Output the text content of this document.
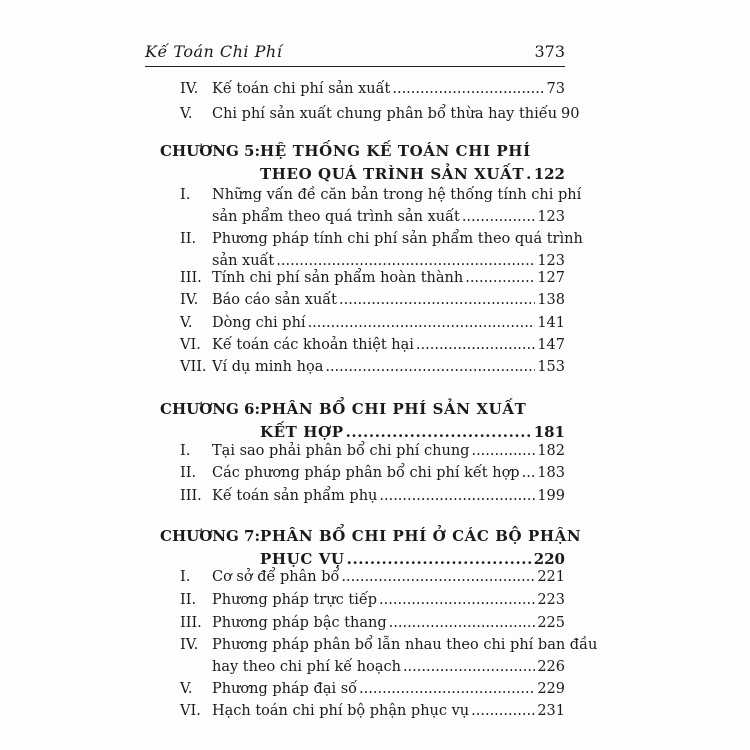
Kế Toán Chi Phí	373
IV. Kế toán chi phí sản xuất .....	73
V. Chi phí sản xuất chung phân bổ thừa hay thiếu 90
CHƯƠNG 5: HỆ THỐNG KẾ TOÁN CHI PHÍ
THEO QUÁ TRÌNH SẢN XUẤT ..... 122
I. Những vấn đề căn bản trong hệ thống tính chi phí
sản phẩm theo quá trình sản xuất .....	123
II. Phương pháp tính chi phí sản phẩm theo quá trình
sản xuất .....	123
III. Tính chi phí sản phẩm hoàn thành .....	127
IV. Báo cáo sản xuất .....	138
V. Dòng chi phí .....	141
VI. Kế toán các khoản thiệt hại .....	147
VII. Ví dụ minh họa .....	153
CHƯƠNG 6: PHÂN BỔ CHI PHÍ SẢN XUẤT
KẾT HỢP .....	181
I. Tại sao phải phân bổ chi phí chung .....	182
II. Các phương pháp phân bổ chi phí kết hợp ..... 183
III. Kế toán sản phẩm phụ .....	199
CHƯƠNG 7: PHÂN BỔ CHI PHÍ Ở CÁC BỘ PHẬN
PHỤC VỤ .....	220
I. Cơ sở để phân bổ .....	221
II. Phương pháp trực tiếp .....	223
III. Phương pháp bậc thang .....	225
IV. Phương pháp phân bổ lẫn nhau theo chi phí ban đầu
hay theo chi phí kế hoạch .....	226
V. Phương pháp đại số .....	229
VI. Hạch toán chi phí bộ phận phục vụ .....	231
